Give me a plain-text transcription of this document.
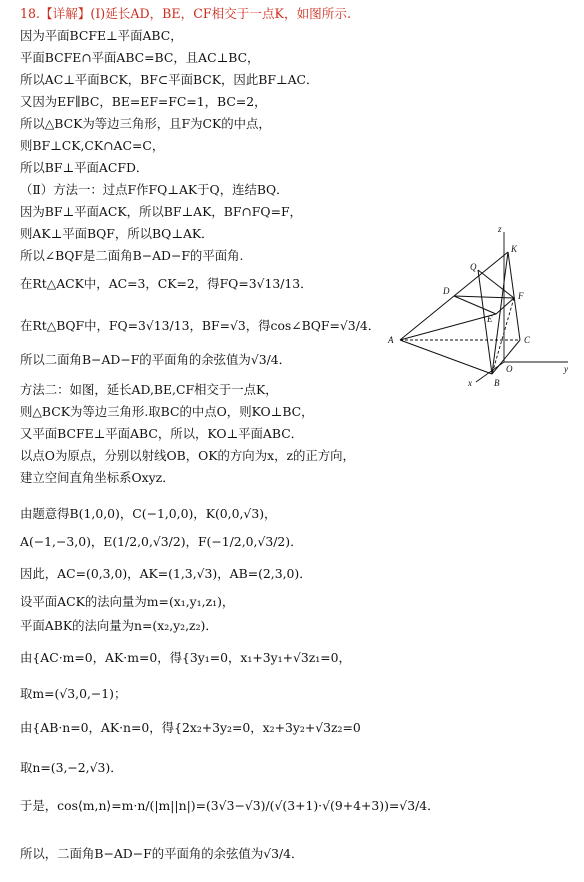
18.【详解】(Ⅰ)延长AD，BE，CF相交于一点K，如图所示.
因为平面BCFE⊥平面ABC，
平面BCFE∩平面ABC=BC，且AC⊥BC，
所以AC⊥平面BCK，BF⊂平面BCK，因此BF⊥AC．
又因为EF∥BC，BE=EF=FC=1，BC=2，
所以△BCK为等边三角形，且F为CK的中点，
则BF⊥CK,CK∩AC=C，
所以BF⊥平面ACFD．
（Ⅱ）方法一：过点F作FQ⊥AK于Q，连结BQ．
因为BF⊥平面ACK，所以BF⊥AK，BF∩FQ=F，
则AK⊥平面BQF，所以BQ⊥AK．
所以∠BQF是二面角B−AD−F的平面角.
在Rt△ACK中，AC=3，CK=2，得FQ=3√13/13．
在Rt△BQF中，FQ=3√13/13，BF=√3，得cos∠BQF=√3/4．
所以二面角B−AD−F的平面角的余弦值为√3/4．
方法二：如图，延长AD,BE,CF相交于一点K，
则△BCK为等边三角形.取BC的中点O，则KO⊥BC，
又平面BCFE⊥平面ABC，所以，KO⊥平面ABC．
以点O为原点，分别以射线OB，OK的方向为x，z的正方向，
建立空间直角坐标系Oxyz．
由题意得B(1,0,0)，C(−1,0,0)，K(0,0,√3)，
A(−1,−3,0)，E(1/2,0,√3/2)，F(−1/2,0,√3/2)．
因此，AC=(0,3,0)，AK=(1,3,√3)，AB=(2,3,0)．
设平面ACK的法向量为m=(x₁,y₁,z₁)，
平面ABK的法向量为n=(x₂,y₂,z₂)．
由{AC·m=0，AK·m=0，得{3y₁=0，x₁+3y₁+√3z₁=0，
取m=(√3,0,−1)；
由{AB·n=0，AK·n=0，得{2x₂+3y₂=0，x₂+3y₂+√3z₂=0
取n=(3,−2,√3)．
于是，cos⟨m,n⟩=m·n/(|m||n|)=(3√3−√3)/(√(3+1)·√(9+4+3))=√3/4．
所以，二面角B−AD−F的平面角的余弦值为√3/4．
z
K
D
Q
F
E
A	C
O	y
B
x
